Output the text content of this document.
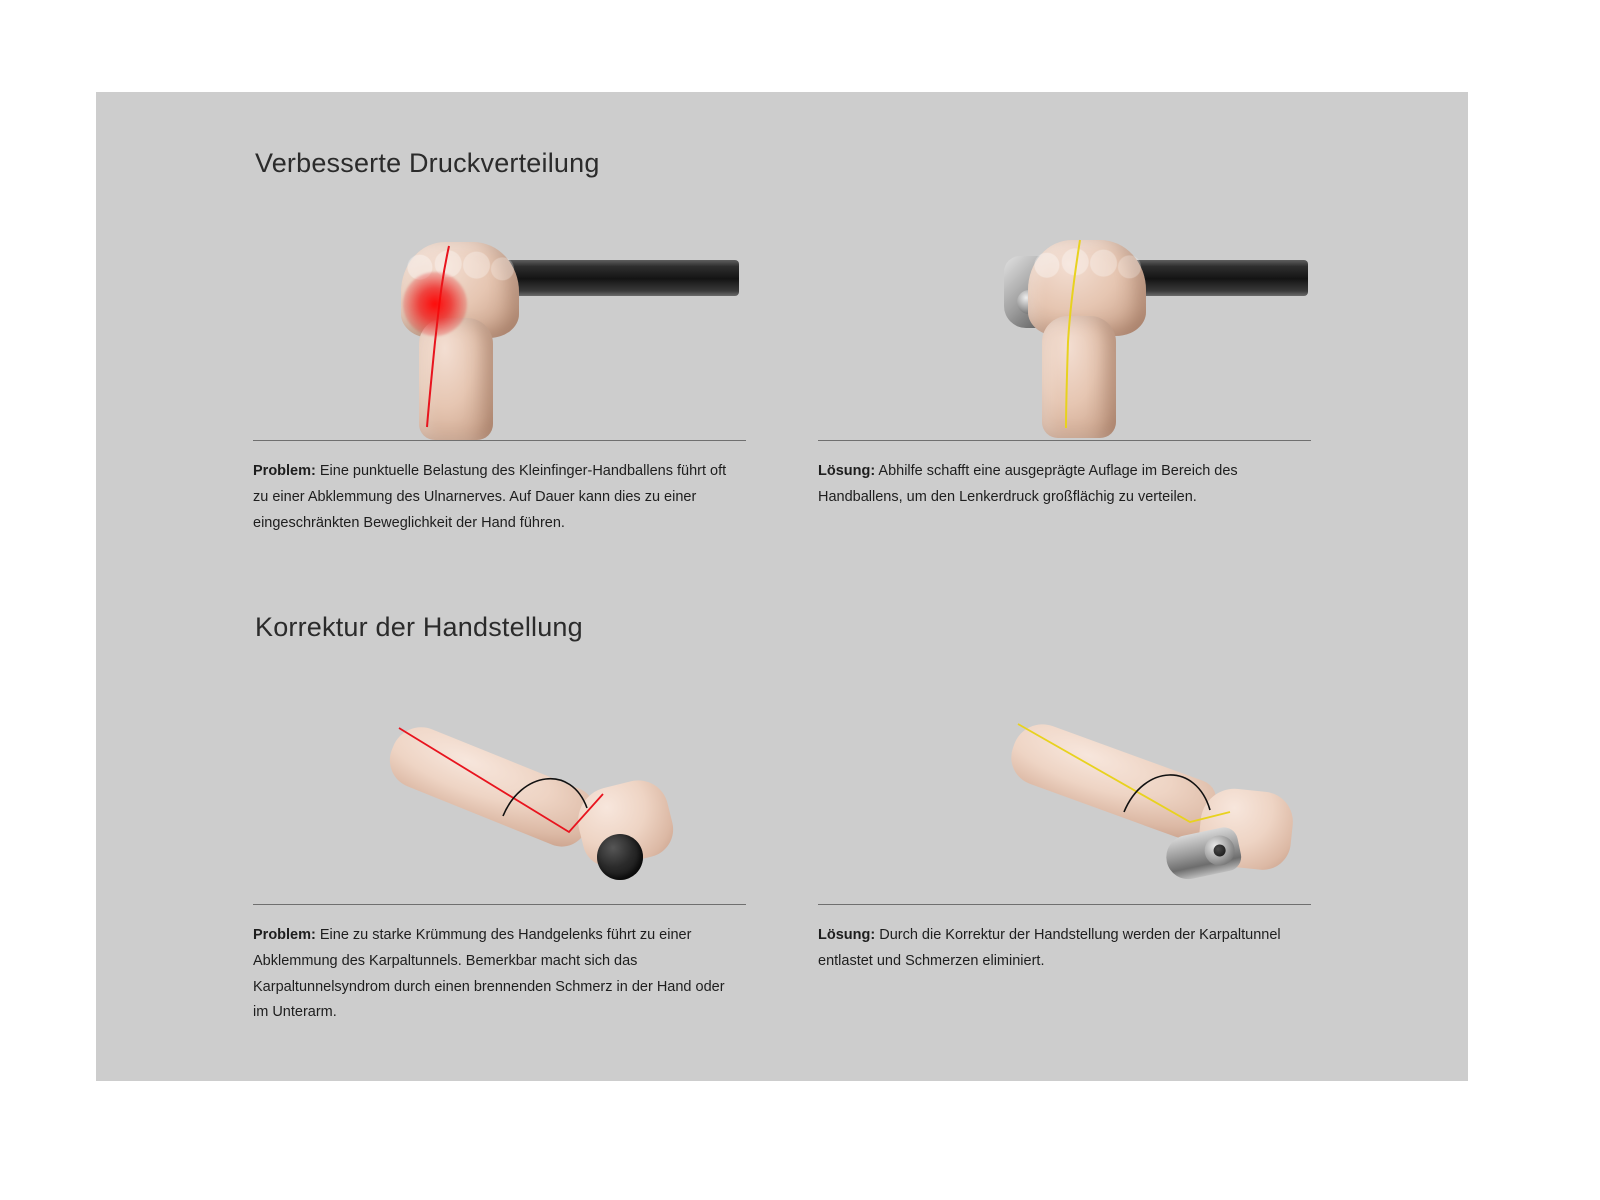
Verbesserte Druckverteilung
Problem: Eine punktuelle Belastung des Kleinfinger-Handballens führt oft zu einer Abklemmung des Ulnarnerves. Auf Dauer kann dies zu einer eingeschränkten Beweglichkeit der Hand führen.
Lösung: Abhilfe schafft eine ausgeprägte Auflage im Bereich des Handballens, um den Lenkerdruck großflächig zu verteilen.
Korrektur der Handstellung
Problem: Eine zu starke Krümmung des Handgelenks führt zu einer Abklemmung des Karpaltunnels. Bemerkbar macht sich das Karpaltunnelsyndrom durch einen brennenden Schmerz in der Hand oder im Unterarm.
Lösung: Durch die Korrektur der Handstellung werden der Karpaltunnel entlastet und Schmerzen eliminiert.
